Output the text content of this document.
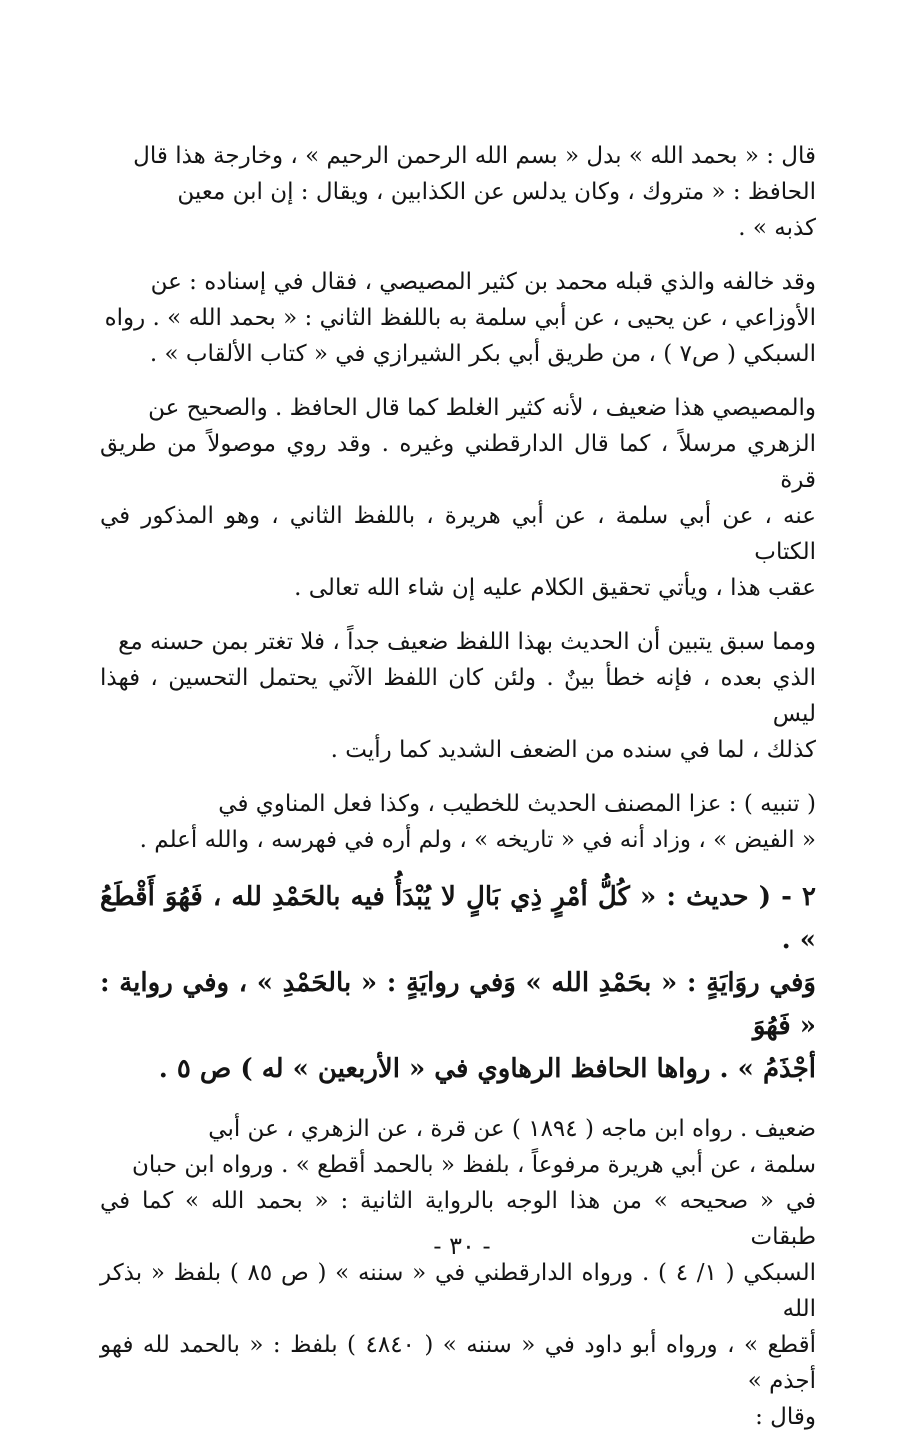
قال : « بحمد الله » بدل « بسم الله الرحمن الرحيم » ، وخارجة هذا قال

الحافظ : « متروك ، وكان يدلس عن الكذابين ، ويقال : إن ابن معين

كذبه » .

وقد خالفه والذي قبله محمد بن كثير المصيصي ، فقال في إسناده : عن

الأوزاعي ، عن يحيى ، عن أبي سلمة به باللفظ الثاني : « بحمد الله » . رواه

السبكي ( ص٧ ) ، من طريق أبي بكر الشيرازي في « كتاب الألقاب » .

والمصيصي هذا ضعيف ، لأنه كثير الغلط كما قال الحافظ . والصحيح عن

الزهري مرسلاً ، كما قال الدارقطني وغيره . وقد روي موصولاً من طريق قرة

عنه ، عن أبي سلمة ، عن أبي هريرة ، باللفظ الثاني ، وهو المذكور في الكتاب

عقب هذا ، ويأتي تحقيق الكلام عليه إن شاء الله تعالى .

ومما سبق يتبين أن الحديث بهذا اللفظ ضعيف جداً ، فلا تغتر بمن حسنه مع

الذي بعده ، فإنه خطأ بينٌ . ولئن كان اللفظ الآتي يحتمل التحسين ، فهذا ليس

كذلك ، لما في سنده من الضعف الشديد كما رأيت .

( تنبيه ) : عزا المصنف الحديث للخطيب ، وكذا فعل المناوي في

« الفيض » ، وزاد أنه في « تاريخه » ، ولم أره في فهرسه ، والله أعلم .

٢ - ( حديث : « كُلُّ أمْرٍ ذِي بَالٍ لا يُبْدَأُ فيه بالحَمْدِ لله ، فَهُوَ أَقْطَعُ » .

وَفي روَايَةٍ : « بحَمْدِ الله » وَفي روايَةٍ : « بالحَمْدِ » ، وفي رواية : « فَهُوَ

أجْذَمُ » . رواها الحافظ الرهاوي في « الأربعين » له ) ص ٥ .

ضعيف . رواه ابن ماجه ( ١٨٩٤ ) عن قرة ، عن الزهري ، عن أبي

سلمة ، عن أبي هريرة مرفوعاً ، بلفظ « بالحمد أقطع » . ورواه ابن حبان

في « صحيحه » من هذا الوجه بالرواية الثانية : « بحمد الله » كما في طبقات

السبكي ( ١/ ٤ ) . ورواه الدارقطني في « سننه » ( ص ٨٥ ) بلفظ « بذكر الله

أقطع » ، ورواه أبو داود في « سننه » ( ٤٨٤٠ ) بلفظ : « بالحمد لله فهو أجذم »

وقال :

- ٣٠ -
